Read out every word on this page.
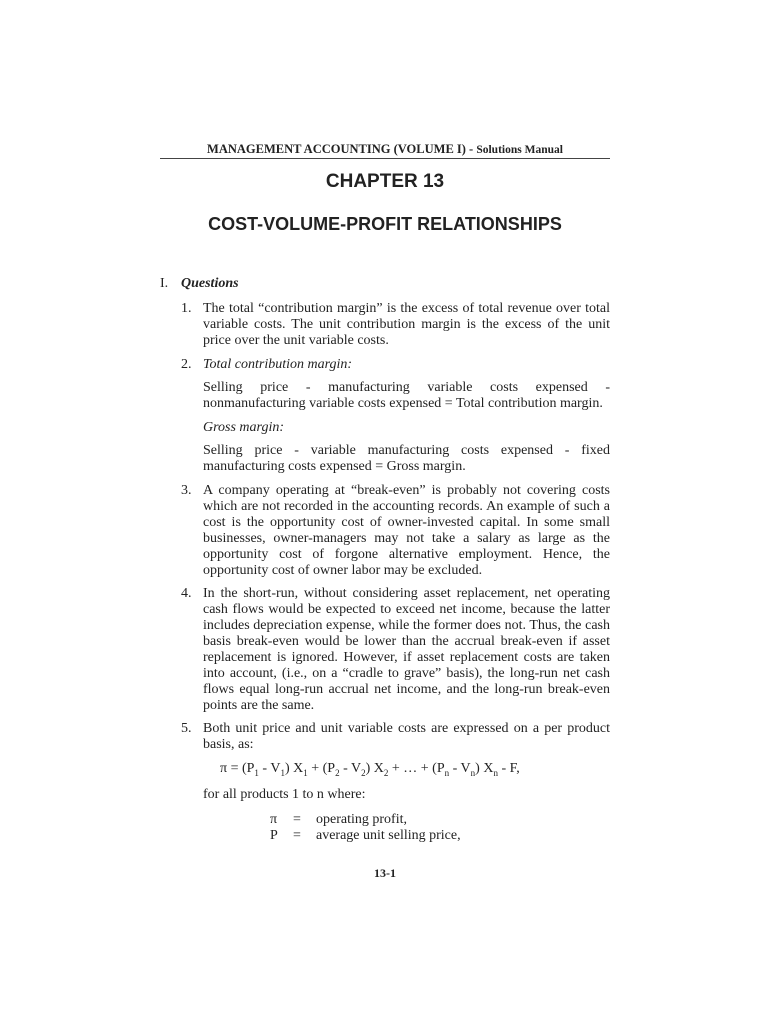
MANAGEMENT ACCOUNTING (VOLUME I) - Solutions Manual
CHAPTER 13
COST-VOLUME-PROFIT RELATIONSHIPS
I. Questions
1. The total “contribution margin” is the excess of total revenue over total variable costs. The unit contribution margin is the excess of the unit price over the unit variable costs.
2. Total contribution margin:
Selling price - manufacturing variable costs expensed - nonmanufacturing variable costs expensed = Total contribution margin.
Gross margin:
Selling price - variable manufacturing costs expensed - fixed manufacturing costs expensed = Gross margin.
3. A company operating at “break-even” is probably not covering costs which are not recorded in the accounting records. An example of such a cost is the opportunity cost of owner-invested capital. In some small businesses, owner-managers may not take a salary as large as the opportunity cost of forgone alternative employment. Hence, the opportunity cost of owner labor may be excluded.
4. In the short-run, without considering asset replacement, net operating cash flows would be expected to exceed net income, because the latter includes depreciation expense, while the former does not. Thus, the cash basis break-even would be lower than the accrual break-even if asset replacement is ignored. However, if asset replacement costs are taken into account, (i.e., on a “cradle to grave” basis), the long-run net cash flows equal long-run accrual net income, and the long-run break-even points are the same.
5. Both unit price and unit variable costs are expressed on a per product basis, as:
$\pi = (P_1 - V_1) X_1 + (P_2 - V_2) X_2$ + … + $(P_n - V_n)$ $X_n$ - F,
for all products 1 to n where:
π = operating profit,
P = average unit selling price,
13-1
